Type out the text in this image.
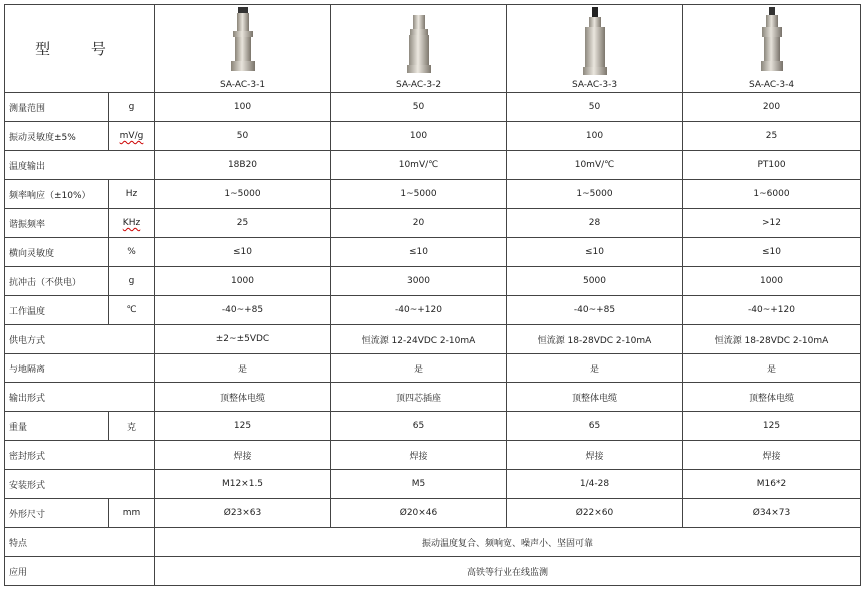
型 号		SA-AC-3-1	SA-AC-3-2	SA-AC-3-3	SA-AC-3-4

测量范围	g	100	50	50	200
振动灵敏度±5%	mV/g	50	100	100	25
温度输出		18B20	10mV/℃	10mV/℃	PT100
频率响应（±10%）	Hz	1~5000	1~5000	1~5000	1~6000
谐振频率	KHz	25	20	28	>12
横向灵敏度	%	≤10	≤10	≤10	≤10
抗冲击（不供电）	g	1000	3000	5000	1000
工作温度	℃	-40~+85	-40~+120	-40~+85	-40~+120
供电方式		±2~±5VDC	恒流源 12-24VDC 2-10mA	恒流源 18-28VDC 2-10mA	恒流源 18-28VDC 2-10mA
与地隔离		是	是	是	是
输出形式		顶整体电缆	顶四芯插座	顶整体电缆	顶整体电缆
重量	克	125	65	65	125
密封形式		焊接	焊接	焊接	焊接
安装形式		M12×1.5	M5	1/4-28	M16*2
外形尺寸	mm	Ø23×63	Ø20×46	Ø22×60	Ø34×73
特点		振动温度复合、频响宽、噪声小、坚固可靠			
应用		高铁等行业在线监测			
